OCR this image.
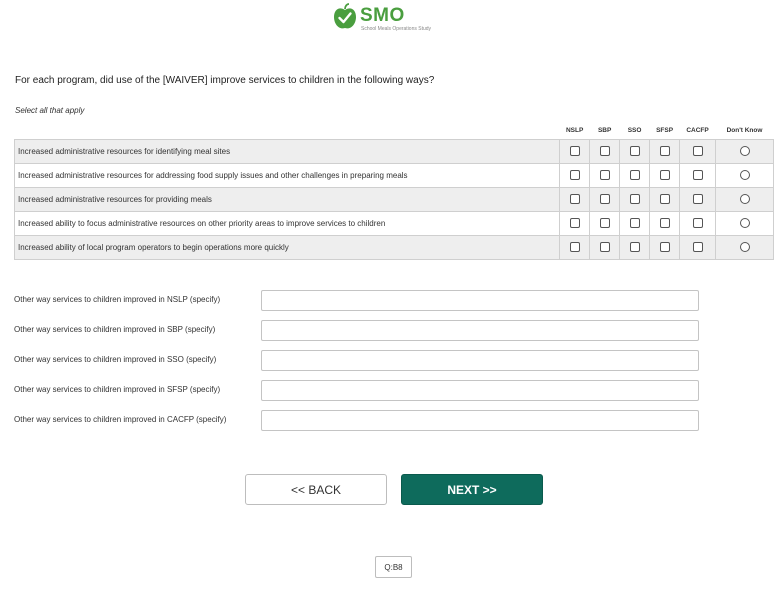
SMO
School Meals Operations Study
For each program, did use of the [WAIVER] improve services to children in the following ways?
Select all that apply
	NSLP	SBP	SSO	SFSP	CACFP	Don't Know
Increased administrative resources for identifying meal sites						
Increased administrative resources for addressing food supply issues and other challenges in preparing meals						
Increased administrative resources for providing meals						
Increased ability to focus administrative resources on other priority areas to improve services to children						
Increased ability of local program operators to begin operations more quickly						
Other way services to children improved in NSLP (specify)
Other way services to children improved in SBP (specify)
Other way services to children improved in SSO (specify)
Other way services to children improved in SFSP (specify)
Other way services to children improved in CACFP (specify)
<< BACK	NEXT >>
Q:B8
